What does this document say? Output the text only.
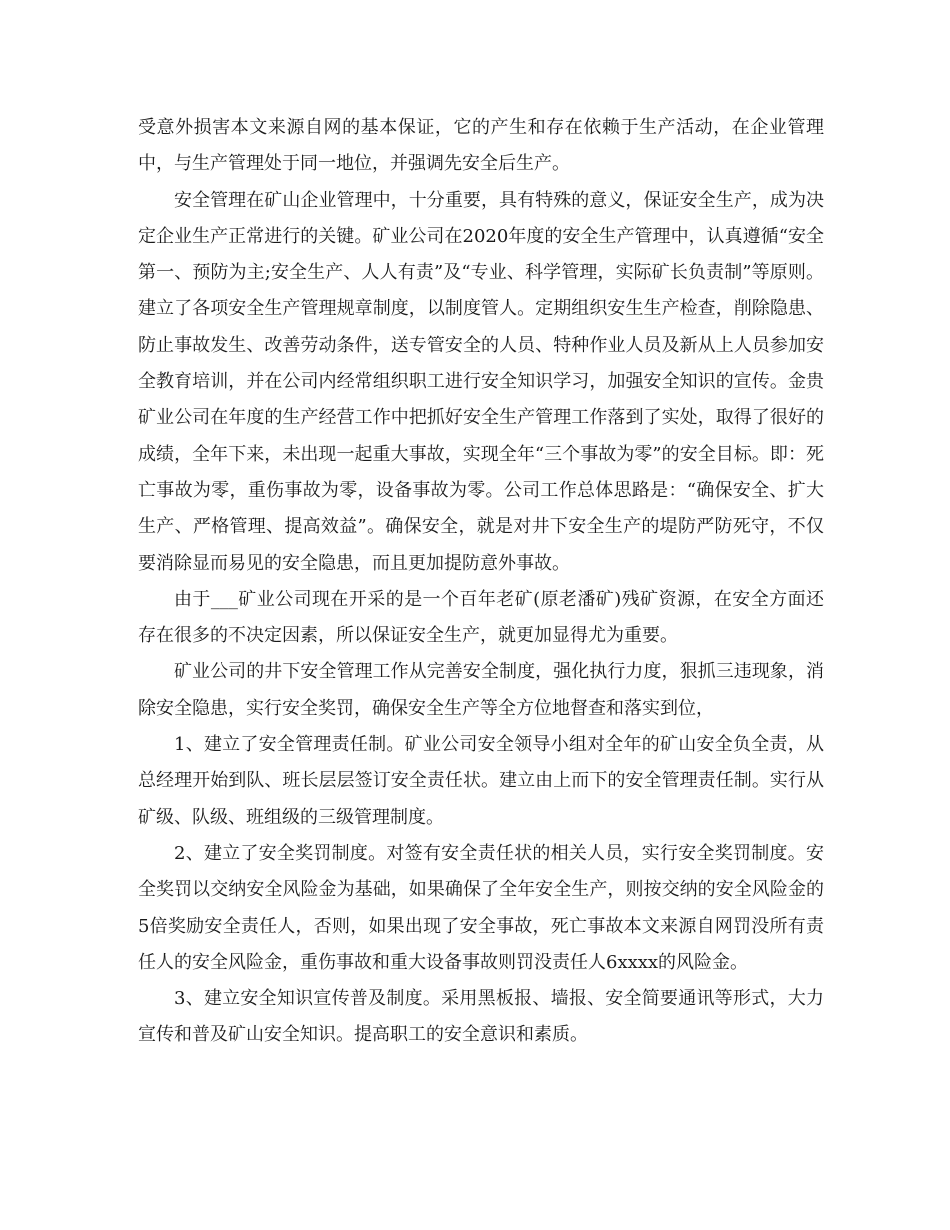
受意外损害本文来源自网的基本保证，它的产生和存在依赖于生产活动，在企业管理中，与生产管理处于同一地位，并强调先安全后生产。

安全管理在矿山企业管理中，十分重要，具有特殊的意义，保证安全生产，成为决定企业生产正常进行的关键。矿业公司在2020年度的安全生产管理中，认真遵循“安全第一、预防为主;安全生产、人人有责”及“专业、科学管理，实际矿长负责制”等原则。建立了各项安全生产管理规章制度，以制度管人。定期组织安生生产检查，削除隐患、防止事故发生、改善劳动条件，送专管安全的人员、特种作业人员及新从上人员参加安全教育培训，并在公司内经常组织职工进行安全知识学习，加强安全知识的宣传。金贵矿业公司在年度的生产经营工作中把抓好安全生产管理工作落到了实处，取得了很好的成绩，全年下来，未出现一起重大事故，实现全年“三个事故为零”的安全目标。即：死亡事故为零，重伤事故为零，设备事故为零。公司工作总体思路是：“确保安全、扩大生产、严格管理、提高效益”。确保安全，就是对井下安全生产的堤防严防死守，不仅要消除显而易见的安全隐患，而且更加提防意外事故。

由于___矿业公司现在开采的是一个百年老矿(原老潘矿)残矿资源，在安全方面还存在很多的不决定因素，所以保证安全生产，就更加显得尤为重要。

矿业公司的井下安全管理工作从完善安全制度，强化执行力度，狠抓三违现象，消除安全隐患，实行安全奖罚，确保安全生产等全方位地督查和落实到位，

1、建立了安全管理责任制。矿业公司安全领导小组对全年的矿山安全负全责，从总经理开始到队、班长层层签订安全责任状。建立由上而下的安全管理责任制。实行从矿级、队级、班组级的三级管理制度。

2、建立了安全奖罚制度。对签有安全责任状的相关人员，实行安全奖罚制度。安全奖罚以交纳安全风险金为基础，如果确保了全年安全生产，则按交纳的安全风险金的5倍奖励安全责任人，否则，如果出现了安全事故，死亡事故本文来源自网罚没所有责任人的安全风险金，重伤事故和重大设备事故则罚没责任人6xxxx的风险金。

3、建立安全知识宣传普及制度。采用黑板报、墙报、安全简要通讯等形式，大力宣传和普及矿山安全知识。提高职工的安全意识和素质。
